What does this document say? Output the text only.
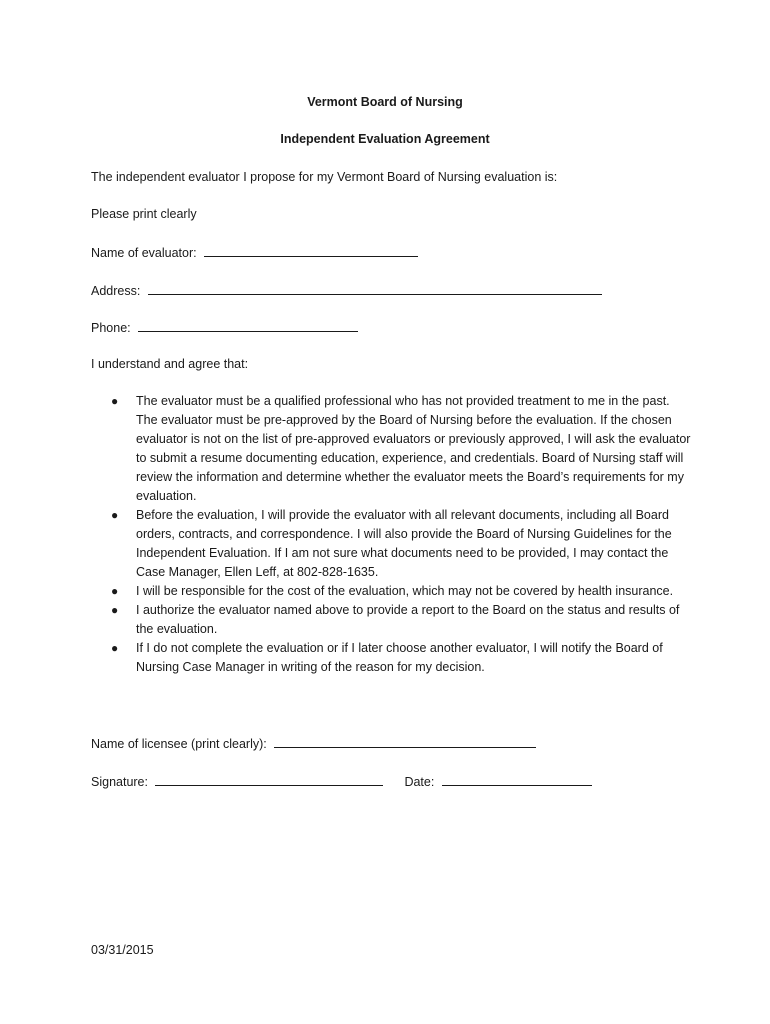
Vermont Board of Nursing
Independent Evaluation Agreement
The independent evaluator I propose for my Vermont Board of Nursing evaluation is:
Please print clearly
Name of evaluator:
Address:
Phone:
I understand and agree that:
● The evaluator must be a qualified professional who has not provided treatment to me in the past. The evaluator must be pre-approved by the Board of Nursing before the evaluation. If the chosen evaluator is not on the list of pre-approved evaluators or previously approved, I will ask the evaluator to submit a resume documenting education, experience, and credentials. Board of Nursing staff will review the information and determine whether the evaluator meets the Board’s requirements for my evaluation.
● Before the evaluation, I will provide the evaluator with all relevant documents, including all Board orders, contracts, and correspondence. I will also provide the Board of Nursing Guidelines for the Independent Evaluation. If I am not sure what documents need to be provided, I may contact the Case Manager, Ellen Leff, at 802-828-1635.
● I will be responsible for the cost of the evaluation, which may not be covered by health insurance.
● I authorize the evaluator named above to provide a report to the Board on the status and results of the evaluation.
● If I do not complete the evaluation or if I later choose another evaluator, I will notify the Board of Nursing Case Manager in writing of the reason for my decision.
Name of licensee (print clearly):
Signature:	Date:
03/31/2015
